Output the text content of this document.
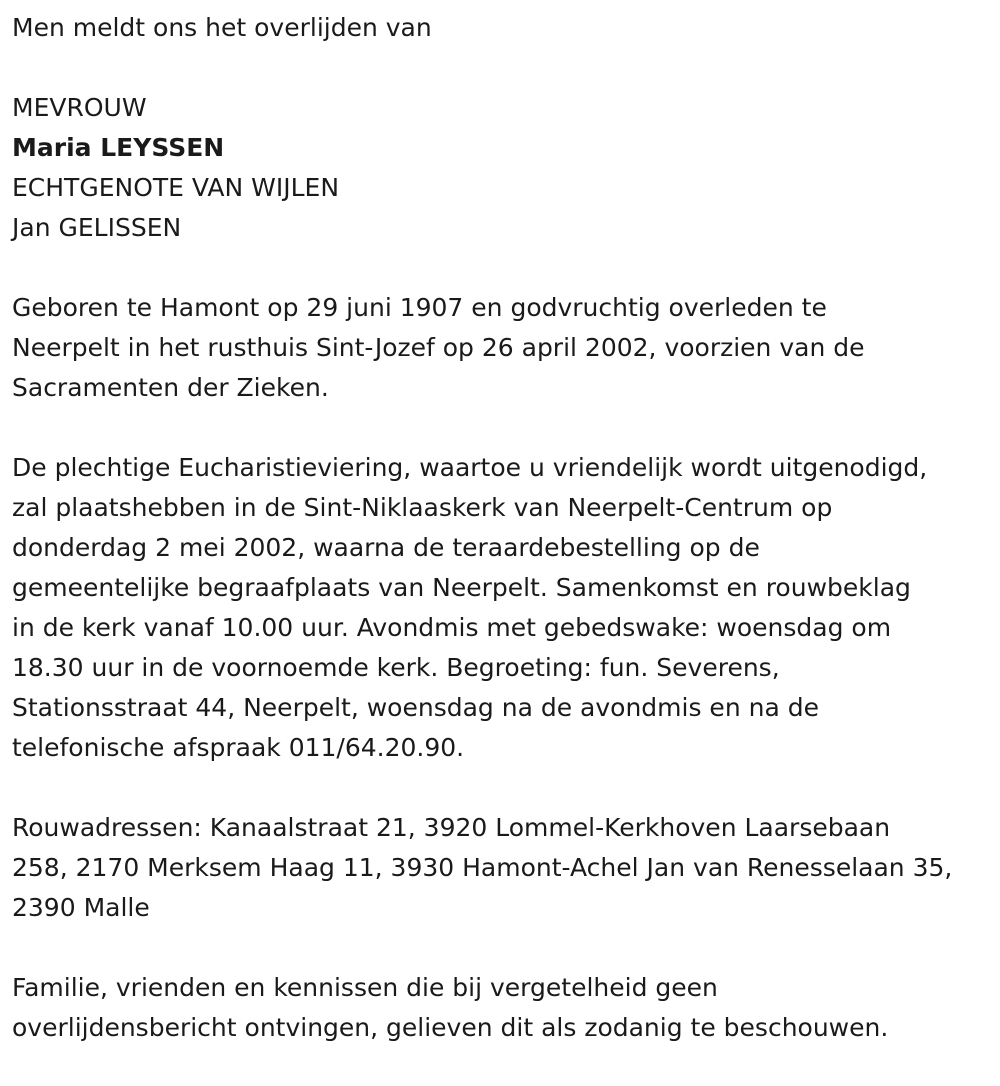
Men meldt ons het overlijden van

MEVROUW

Maria LEYSSEN

ECHTGENOTE VAN WIJLEN

Jan GELISSEN

Geboren te Hamont op 29 juni 1907 en godvruchtig overleden te

Neerpelt in het rusthuis Sint-Jozef op 26 april 2002, voorzien van de

Sacramenten der Zieken.

De plechtige Eucharistieviering, waartoe u vriendelijk wordt uitgenodigd,

zal plaatshebben in de Sint-Niklaaskerk van Neerpelt-Centrum op

donderdag 2 mei 2002, waarna de teraardebestelling op de

gemeentelijke begraafplaats van Neerpelt. Samenkomst en rouwbeklag

in de kerk vanaf 10.00 uur. Avondmis met gebedswake: woensdag om

18.30 uur in de voornoemde kerk. Begroeting: fun. Severens,

Stationsstraat 44, Neerpelt, woensdag na de avondmis en na de

telefonische afspraak 011/64.20.90.

Rouwadressen: Kanaalstraat 21, 3920 Lommel-Kerkhoven Laarsebaan

258, 2170 Merksem Haag 11, 3930 Hamont-Achel Jan van Renesselaan 35,

2390 Malle

Familie, vrienden en kennissen die bij vergetelheid geen

overlijdensbericht ontvingen, gelieven dit als zodanig te beschouwen.
